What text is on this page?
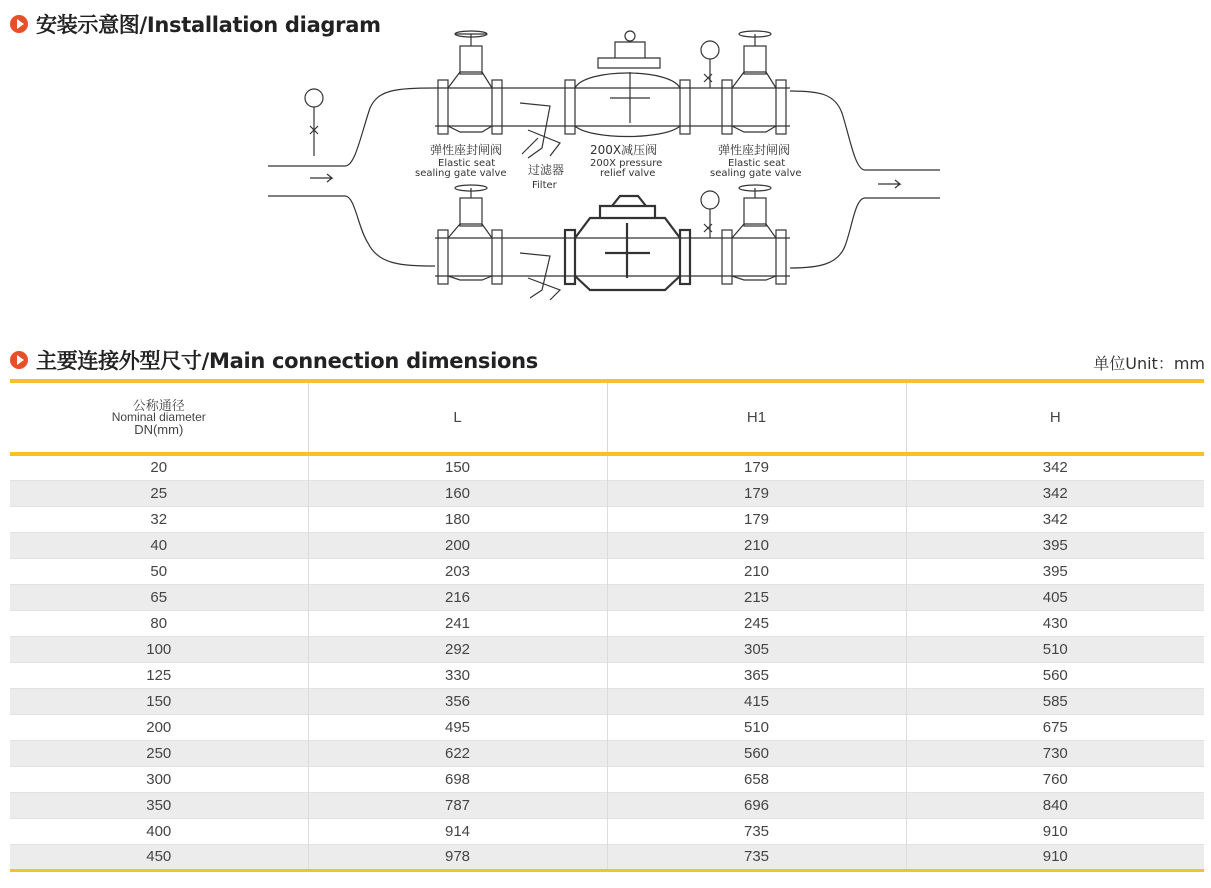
安装示意图/Installation diagram
弹性座封闸阀
Elastic seat
sealing gate valve 过滤器
Filter
200X减压阀
200X pressure
relief valve
弹性座封闸阀
Elastic seat
sealing gate valve
主要连接外型尺寸/Main connection dimensions	单位Unit：mm
公称通径
Nominal diameter
DN(mm)	L	H1	H
20	150	179	342
25	160	179	342
32	180	179	342
40	200	210	395
50	203	210	395
65	216	215	405
80	241	245	430
100	292	305	510
125	330	365	560
150	356	415	585
200	495	510	675
250	622	560	730
300	698	658	760
350	787	696	840
400	914	735	910
450	978	735	910
